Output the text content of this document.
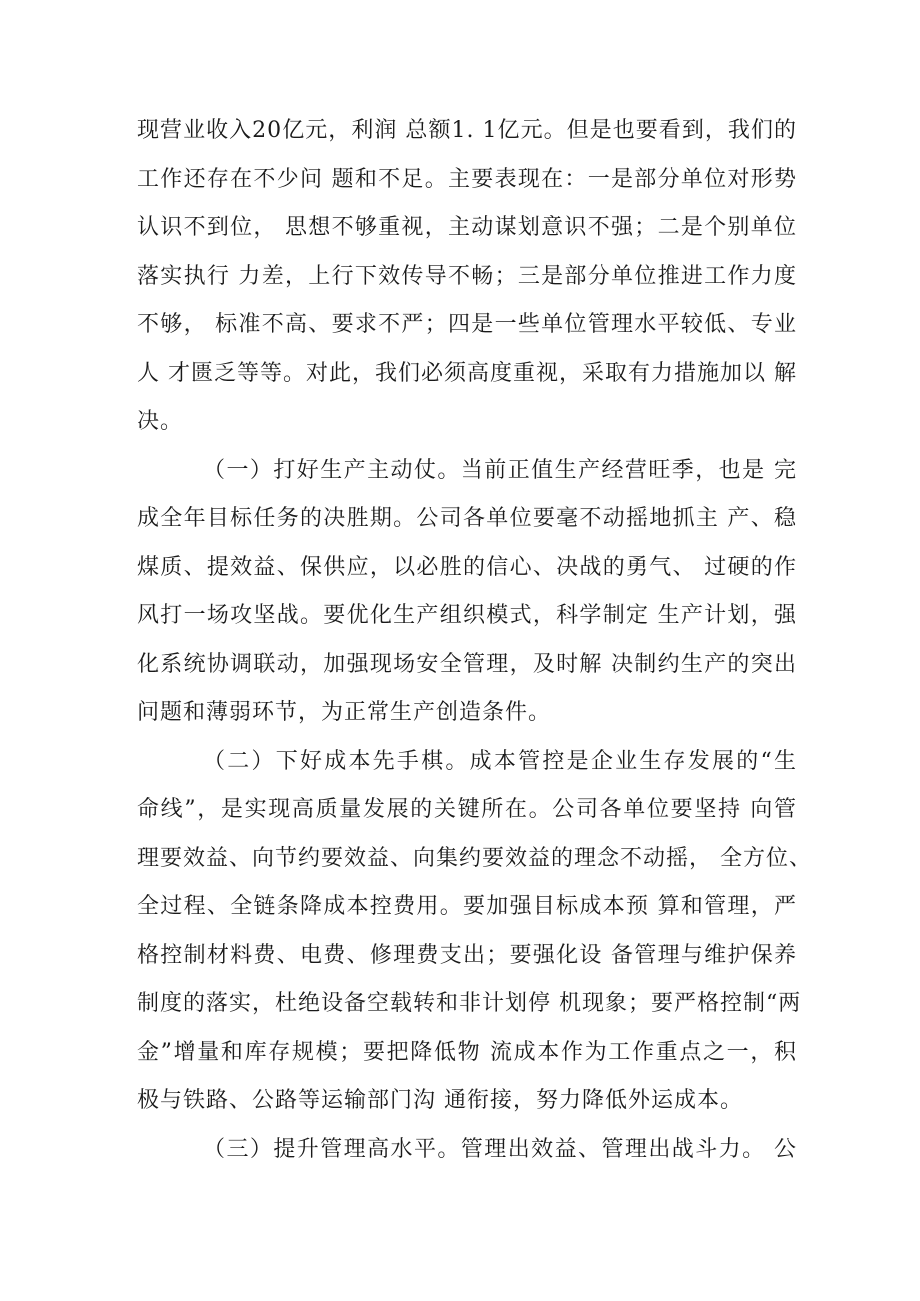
现营业收入20亿元，利润 总额1. 1亿元。但是也要看到，我们的
工作还存在不少问 题和不足。主要表现在：一是部分单位对形势
认识不到位， 思想不够重视，主动谋划意识不强；二是个别单位
落实执行 力差，上行下效传导不畅；三是部分单位推进工作力度
不够， 标准不高、要求不严；四是一些单位管理水平较低、专业
人 才匮乏等等。对此，我们必须高度重视，采取有力措施加以 解
决。
（一）打好生产主动仗。当前正值生产经营旺季，也是 完
成全年目标任务的决胜期。公司各单位要毫不动摇地抓主 产、稳
煤质、提效益、保供应，以必胜的信心、决战的勇气、 过硬的作
风打一场攻坚战。要优化生产组织模式，科学制定 生产计划，强
化系统协调联动，加强现场安全管理，及时解 决制约生产的突出
问题和薄弱环节，为正常生产创造条件。
（二）下好成本先手棋。成本管控是企业生存发展的“生
命线”，是实现高质量发展的关键所在。公司各单位要坚持 向管
理要效益、向节约要效益、向集约要效益的理念不动摇， 全方位、
全过程、全链条降成本控费用。要加强目标成本预 算和管理，严
格控制材料费、电费、修理费支出；要强化设 备管理与维护保养
制度的落实，杜绝设备空载转和非计划停 机现象；要严格控制“两
金”增量和库存规模；要把降低物 流成本作为工作重点之一，积
极与铁路、公路等运输部门沟 通衔接，努力降低外运成本。
（三）提升管理高水平。管理出效益、管理出战斗力。 公
